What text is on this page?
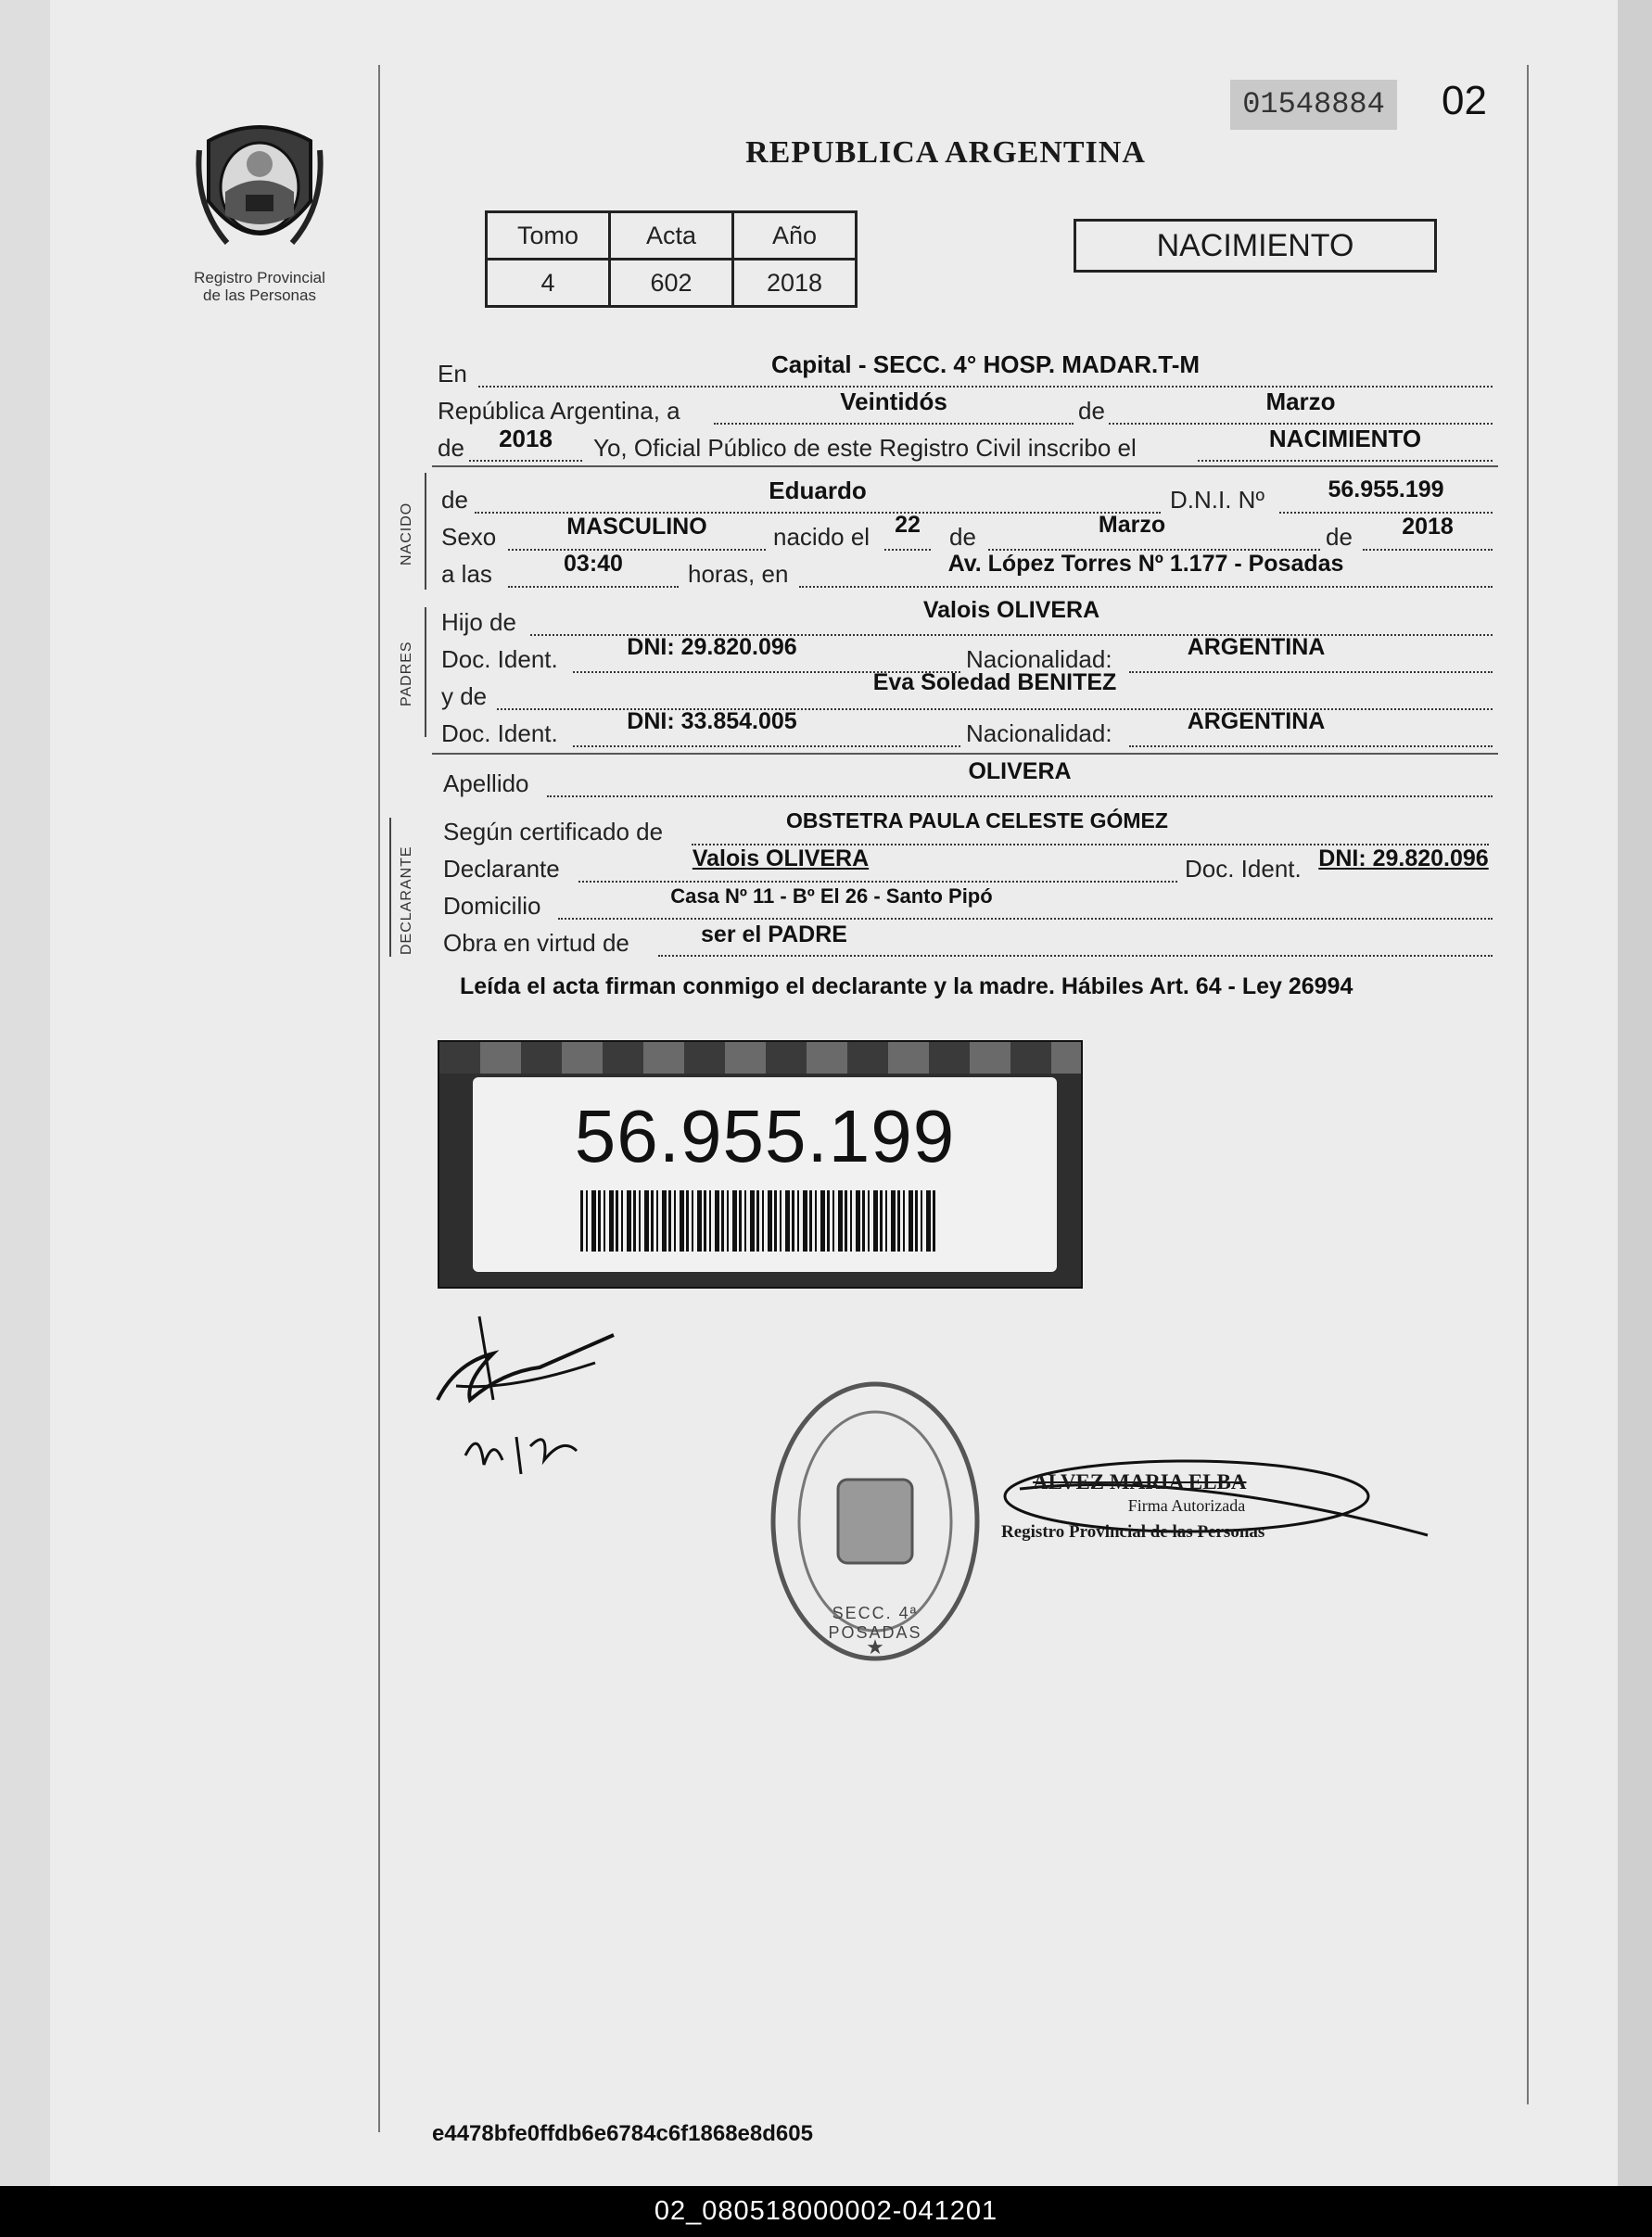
Registro Provincial
de las Personas
01548884 02
REPUBLICA ARGENTINA
Tomo	Acta	Año
4	602	2018
NACIMIENTO
En	Capital - SECC. 4° HOSP. MADAR.T-M
República Argentina, a	Veintidós	de	Marzo
de	2018	Yo, Oficial Público de este Registro Civil inscribo el	NACIMIENTO
NACIDO
de	Eduardo	D.N.I. Nº	56.955.199
Sexo	MASCULINO	nacido el	22	de	Marzo	de	2018
a las	03:40	horas, en	Av. López Torres Nº 1.177 - Posadas
PADRES
Hijo de	Valois OLIVERA
Doc. Ident.	DNI: 29.820.096	Nacionalidad:	ARGENTINA
y de	Eva Soledad BENITEZ
Doc. Ident.	DNI: 33.854.005	Nacionalidad:	ARGENTINA
Apellido	OLIVERA
DECLARANTE
Según certificado de	OBSTETRA PAULA CELESTE GÓMEZ
Declarante	Valois OLIVERA	Doc. Ident. DNI: 29.820.096
Domicilio	Casa Nº 11 - Bº El 26 - Santo Pipó
Obra en virtud de	ser el PADRE
Leída el acta firman conmigo el declarante y la madre. Hábiles Art. 64 - Ley 26994
56.955.199
★
SECC. 4ª POSADAS
ALVEZ MARIA ELBA
Firma Autorizada
Registro Provincial de las Personas
e4478bfe0ffdb6e6784c6f1868e8d605
02_080518000002-041201
